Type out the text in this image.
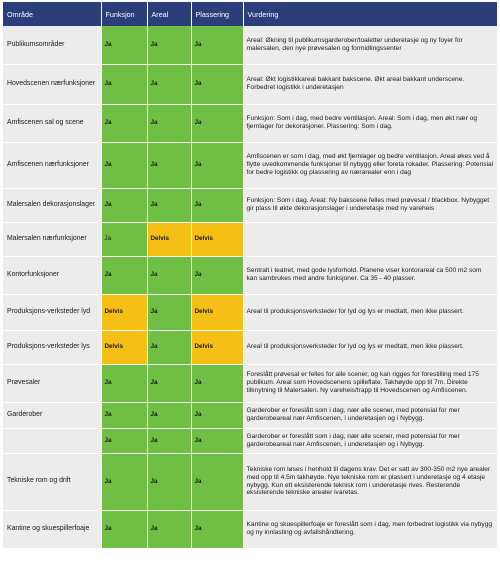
Område	Funksjon	Areal	Plassering	Vurdering
Publikumsområder	Ja	Ja	Ja	Areal: Økning til publikumsgarderober/toaletter underetasje og ny foyer for malersalen, den nye prøvesalen og formidlingssenter
Hovedscenen nærfunksjoner	Ja	Ja	Ja	Areal: Økt logistikkareal bakkant bakscene. Økt areal bakkant underscene. Forbedret logistikk i underetasjen
Amfiscenen sal og scene	Ja	Ja	Ja	Funksjon: Som i dag, med bedre ventilasjon. Areal: Som i dag, men økt nær og fjernlager for dekorasjoner. Plassering: Som i dag.
Amfiscenen nærfunksjoner	Ja	Ja	Ja	Amfiscenen er som i dag, med økt fjernlager og bedre ventilasjon. Areal økes ved å flytte uvedkommende funksjoner til nybygg eller foreta rokader. Plassering: Potensial for bedre logistikk og plassering av nærarealer enn i dag
Malersalen dekorasjonslager	Ja	Ja	Ja	Funksjon: Som i dag. Areal: Ny bakscene felles med prøvesal / blackbox. Nybygget gir plass til økte dekorasjonslager i underetasje med ny vareheis
Malersalen nærfunksjoner	Ja	Delvis	Delvis	
Kontorfunksjoner	Ja	Ja	Ja	Sentralt i teatret, med gode lysforhold. Planene viser kontorareal ca 500 m2 som kan sambrukes med andre funksjoner. Ca 35 - 40 plasser.
Produksjons-verksteder lyd	Delvis	Ja	Delvis	Areal til produksjonsverksteder for lyd og lys er medtatt, men ikke plassert.
Produksjons-verksteder lys	Delvis	Ja	Delvis	Areal til produksjonsverksteder for lyd og lys er medtatt, men ikke plassert.
Prøvesaler	Ja	Ja	Ja	Foreslått prøvesal er felles for alle scener, og kan rigges for forestilling med 175 publikum. Areal som Hovedscenens spilleflate. Takhøyde opp til 7m. Direkte tilknytning til Malersalen. Ny vareheis/trapp til Hovedscenen og Amfiscenen.
Garderober	Ja	Ja	Ja	Garderober er foreslått som i dag, nær alle scener, med potensial for mer garderobeareal nær Amfiscenen, i underetasjen og i Nybygg.
	Ja	Ja	Ja	Garderober er foreslått som i dag, nær alle scener, med potensial for mer garderobeareal nær Amfiscenen, i underetasjen og i Nybygg.
Tekniske rom og drift	Ja	Ja	Ja	Tekniske rom løses i henhold til dagens krav. Det er satt av 300-350 m2 nye arealer med opp til 4.5m takhøyde. Nye tekniske rom er plassert i underetasje og 4 etasje nybygg. Kun ett eksisterende teknisk rom i underetasje rives. Resterende eksisterende tekniske arealer ivaretas.
Kantine og skuespillerfoaje	Ja	Ja	Ja	Kantine og skuespillerfoaje er foreslått som i dag, men forbedret logistikk via nybygg og ny innlasting og avfallshåndtering.
